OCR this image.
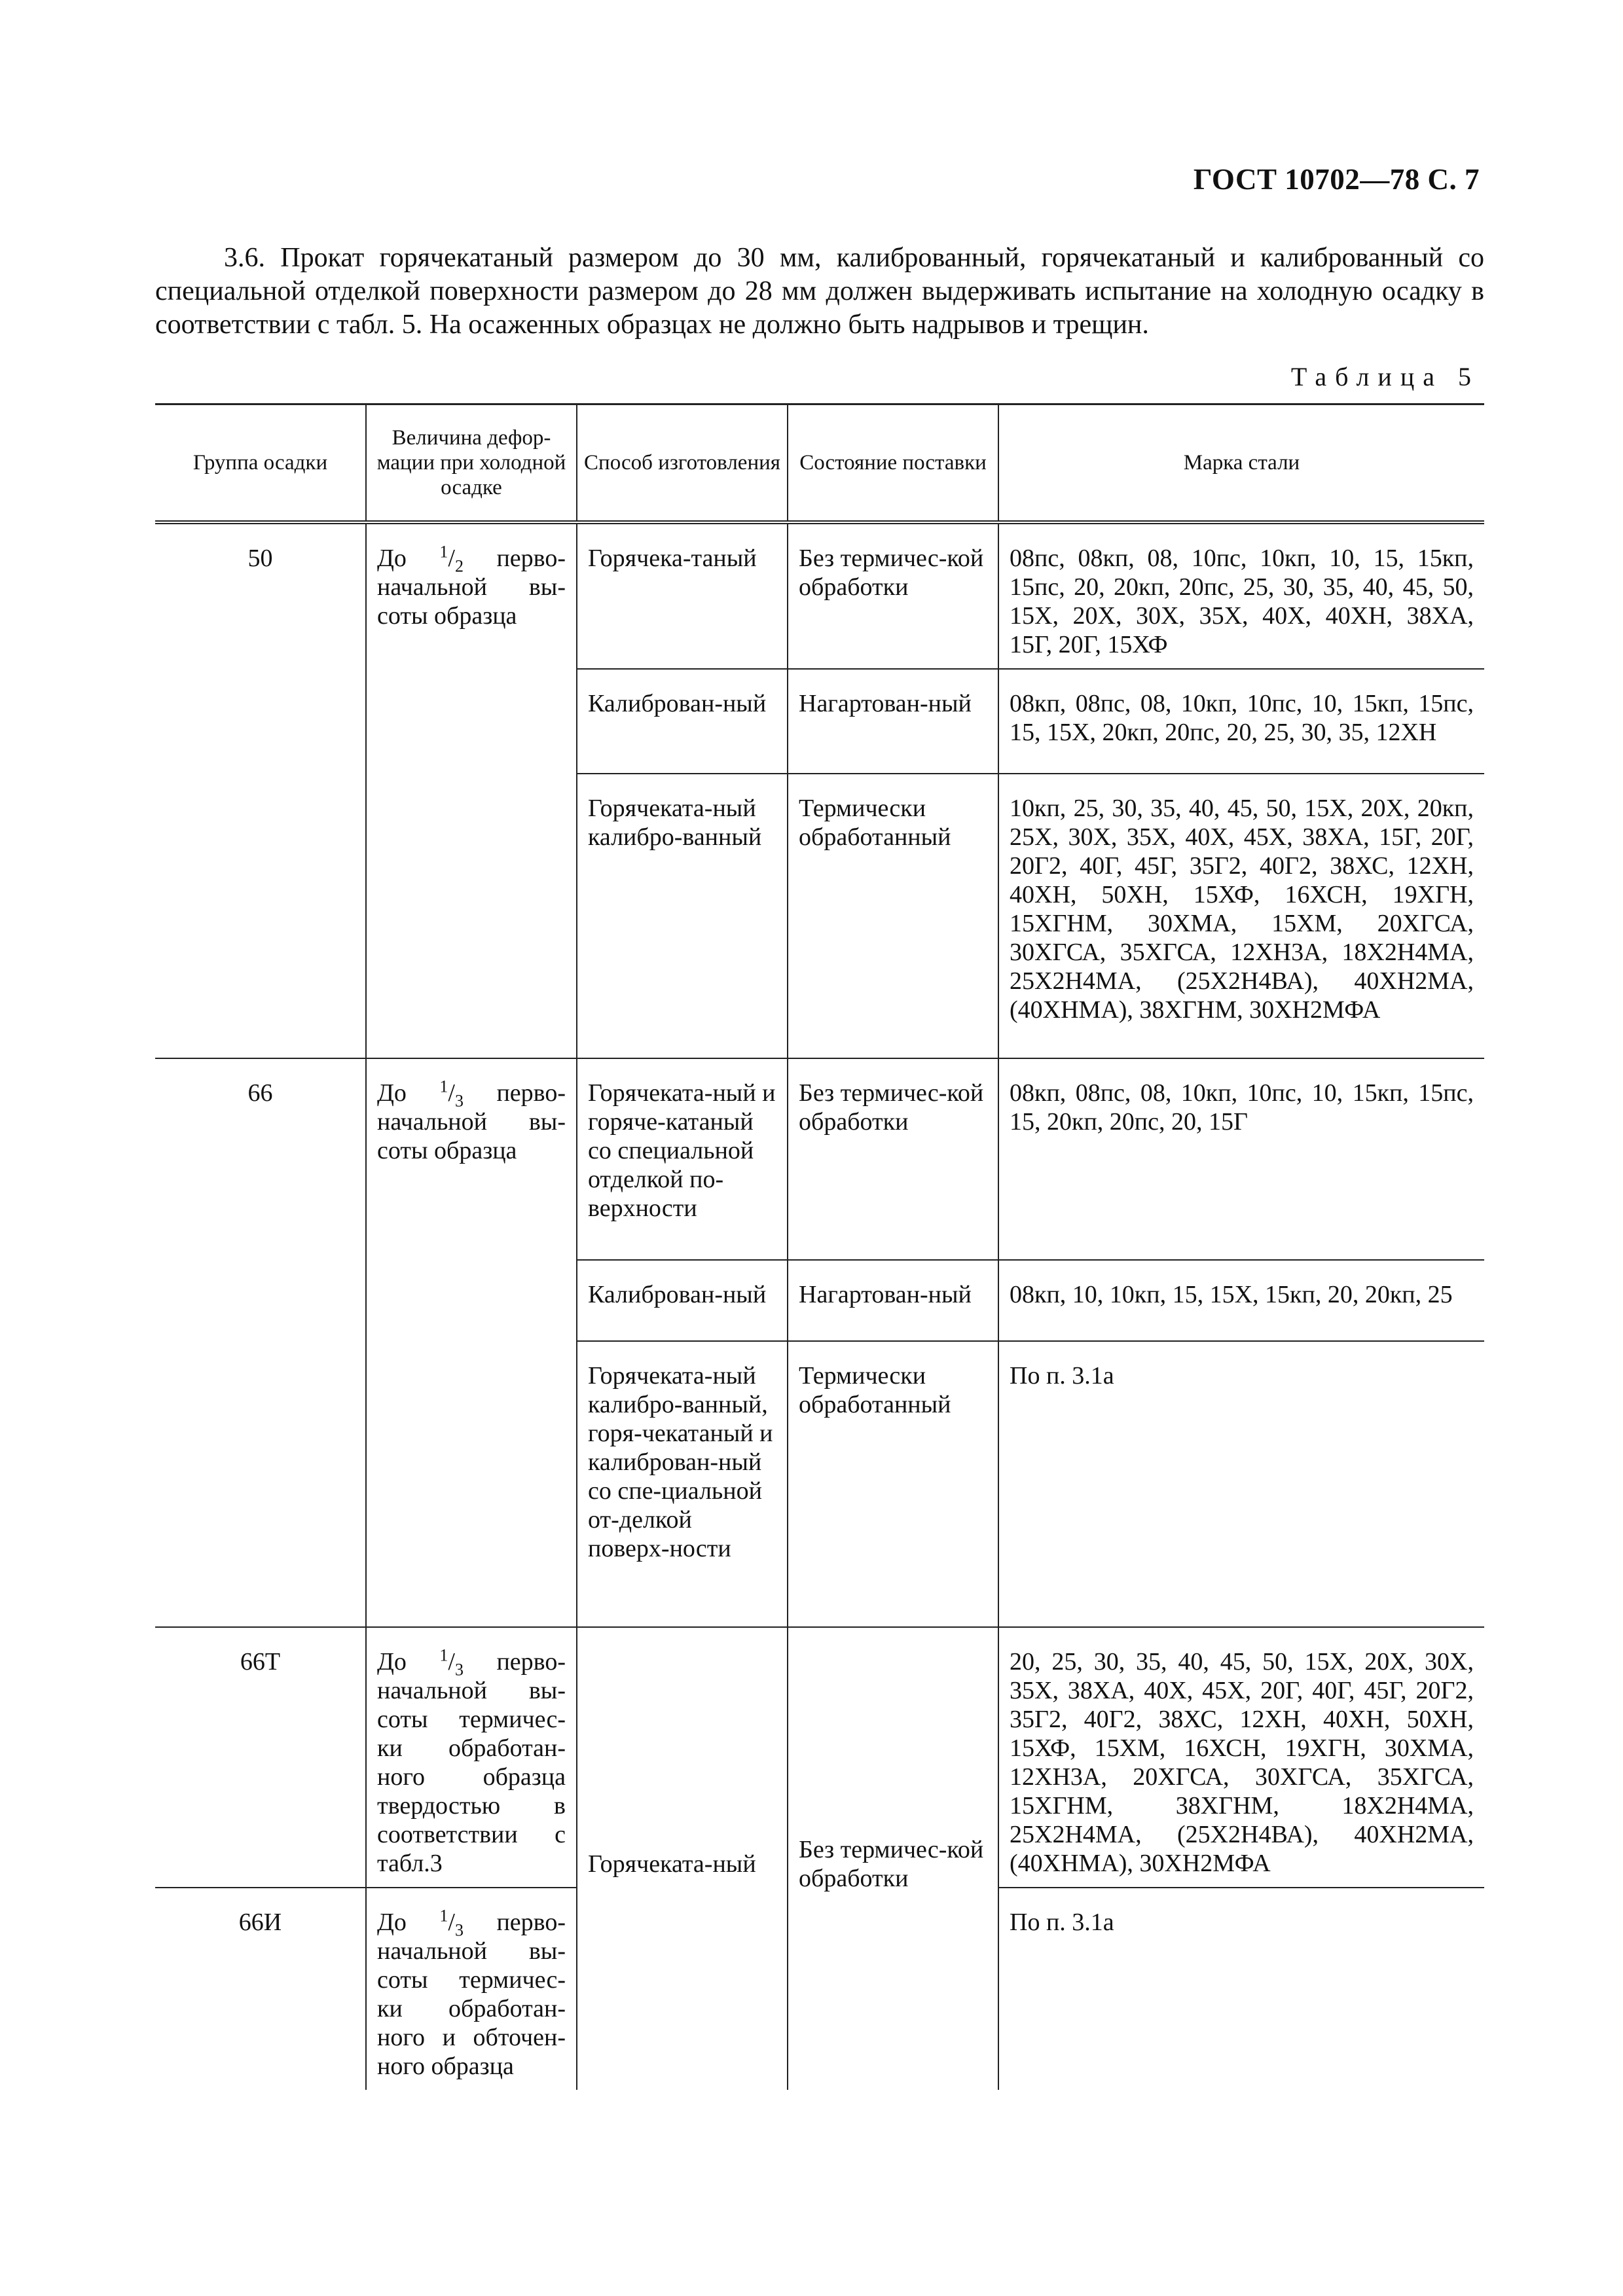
ГОСТ 10702—78 С. 7
3.6. Прокат горячекатаный размером до 30 мм, калиброванный, горячекатаный и калиброванный со специальной отделкой поверхности размером до 28 мм должен выдерживать испытание на холодную осадку в соответствии с табл. 5. На осаженных образцах не должно быть надрывов и трещин.
Таблица 5
Группа осадки	Величина дефор-мации при холодной осадке	Способ изготовления	Состояние поставки	Марка стали
50	До $^1/_2$ перво-начальной вы-соты образца	Горячека-таный	Без термичес-кой обработки	08пс, 08кп, 08, 10пс, 10кп, 10, 15, 15кп, 15пс, 20, 20кп, 20пс, 25, 30, 35, 40, 45, 50, 15Х, 20Х, 30Х, 35Х, 40Х, 40ХН, 38ХА, 15Г, 20Г, 15ХФ
		Калиброван-ный	Нагартован-ный	08кп, 08пс, 08, 10кп, 10пс, 10, 15кп, 15пс, 15, 15Х, 20кп, 20пс, 20, 25, 30, 35, 12ХН
		Горячеката-ный калибро-ванный	Термически обработанный	10кп, 25, 30, 35, 40, 45, 50, 15Х, 20Х, 20кп, 25Х, 30Х, 35Х, 40Х, 45Х, 38ХА, 15Г, 20Г, 20Г2, 40Г, 45Г, 35Г2, 40Г2, 38ХС, 12ХН, 40ХН, 50ХН, 15ХФ, 16ХСН, 19ХГН, 15ХГНМ, 30ХМА, 15ХМ, 20ХГСА, 30ХГСА, 35ХГСА, 12ХН3А, 18Х2Н4МА, 25Х2Н4МА, (25Х2Н4ВА), 40ХН2МА, (40ХНМА), 38ХГНМ, 30ХН2МФА
66	До $^1/_3$ перво-начальной вы-соты образца	Горячеката-ный и горяче-катаный со специальной отделкой по-верхности	Без термичес-кой обработки	08кп, 08пс, 08, 10кп, 10пс, 10, 15кп, 15пс, 15, 20кп, 20пс, 20, 15Г
		Калиброван-ный	Нагартован-ный	08кп, 10, 10кп, 15, 15Х, 15кп, 20, 20кп, 25
		Горячеката-ный калибро-ванный, горя-чекатаный и калиброван-ный со спе-циальной от-делкой поверх-ности	Термически обработанный	По п. 3.1а
66Т	До $^1/_3$ перво-начальной вы-соты термичес-ки обработан-ного образца твердостью в соответствии с табл.3	Горячеката-ный	Без термичес-кой обработки	20, 25, 30, 35, 40, 45, 50, 15Х, 20Х, 30Х, 35Х, 38ХА, 40Х, 45Х, 20Г, 40Г, 45Г, 20Г2, 35Г2, 40Г2, 38ХС, 12ХН, 40ХН, 50ХН, 15ХФ, 15ХМ, 16ХСН, 19ХГН, 30ХМА, 12ХН3А, 20ХГСА, 30ХГСА, 35ХГСА, 15ХГНМ, 38ХГНМ, 18Х2Н4МА, 25Х2Н4МА, (25Х2Н4ВА), 40ХН2МА, (40ХНМА), 30ХН2МФА
66И	До $^1/_3$ перво-начальной вы-соты термичес-ки обработан-ного и обточен-ного образца			По п. 3.1а
